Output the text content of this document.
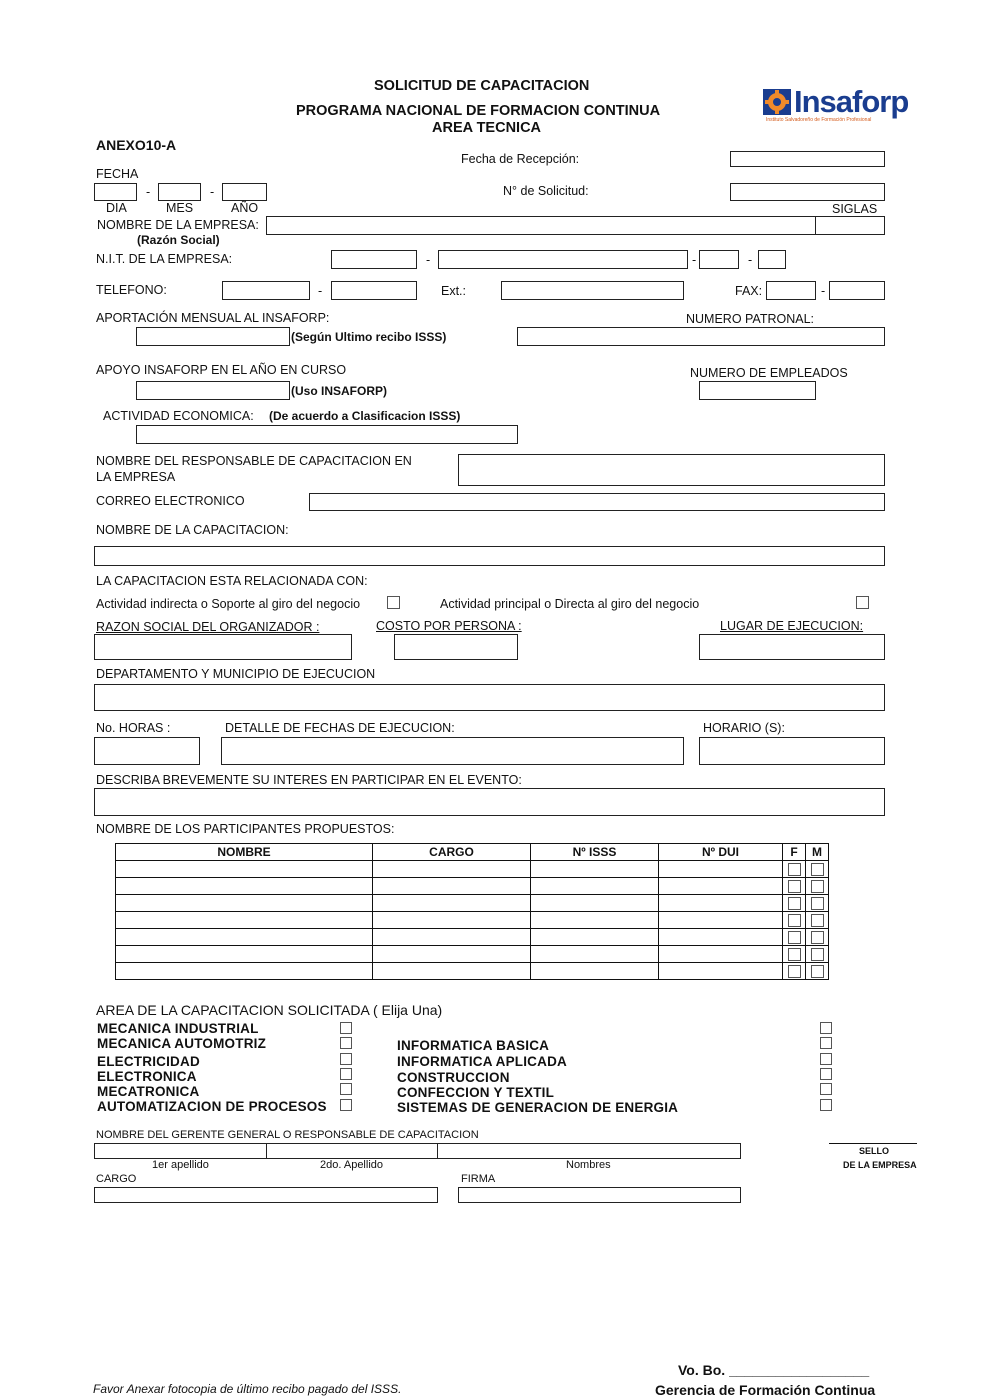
SOLICITUD DE CAPACITACION
PROGRAMA NACIONAL DE FORMACION CONTINUA
AREA TECNICA
ANEXO10-A
Insaforp
Instituto Salvadoreño de Formación Profesional
Fecha de Recepción:
FECHA
N° de Solicitud:
-	-
DIA	MES	AÑO	SIGLAS
NOMBRE DE LA EMPRESA:
(Razón Social)
N.I.T. DE LA EMPRESA:	-	-	-
TELEFONO:	-	Ext.:	FAX:	-
APORTACIÓN MENSUAL AL INSAFORP:	NUMERO PATRONAL:
(Según Ultimo recibo ISSS)
APOYO INSAFORP EN EL AÑO EN CURSO	NUMERO DE EMPLEADOS
(Uso INSAFORP)
ACTIVIDAD ECONOMICA: (De acuerdo a Clasificacion ISSS)
NOMBRE DEL RESPONSABLE DE CAPACITACION EN
LA EMPRESA
CORREO ELECTRONICO
NOMBRE DE LA CAPACITACION:
LA CAPACITACION ESTA RELACIONADA CON:
Actividad indirecta o Soporte al giro del negocio	Actividad principal o Directa al giro del negocio
RAZON SOCIAL DEL ORGANIZADOR :	COSTO POR PERSONA :	LUGAR DE EJECUCION:
DEPARTAMENTO Y MUNICIPIO DE EJECUCION
No. HORAS :	DETALLE DE FECHAS DE EJECUCION:	HORARIO (S):
DESCRIBA BREVEMENTE SU INTERES EN PARTICIPAR EN EL EVENTO:
NOMBRE DE LOS PARTICIPANTES PROPUESTOS:
NOMBRE	CARGO	Nº ISSS	Nº DUI	F	M

AREA DE LA CAPACITACION SOLICITADA ( Elija Una)
MECANICA INDUSTRIAL
MECANICA AUTOMOTRIZ
ELECTRICIDAD
ELECTRONICA
MECATRONICA
AUTOMATIZACION DE PROCESOS
INFORMATICA BASICA
INFORMATICA APLICADA
CONSTRUCCION
CONFECCION Y TEXTIL
SISTEMAS DE GENERACION DE ENERGIA
NOMBRE DEL GERENTE GENERAL O RESPONSABLE DE CAPACITACION
1er apellido	2do. Apellido	Nombres
SELLO
DE LA EMPRESA
CARGO	FIRMA
Favor Anexar fotocopia de último recibo pagado del ISSS.
Vo. Bo. __________________
Gerencia de Formación Continua
